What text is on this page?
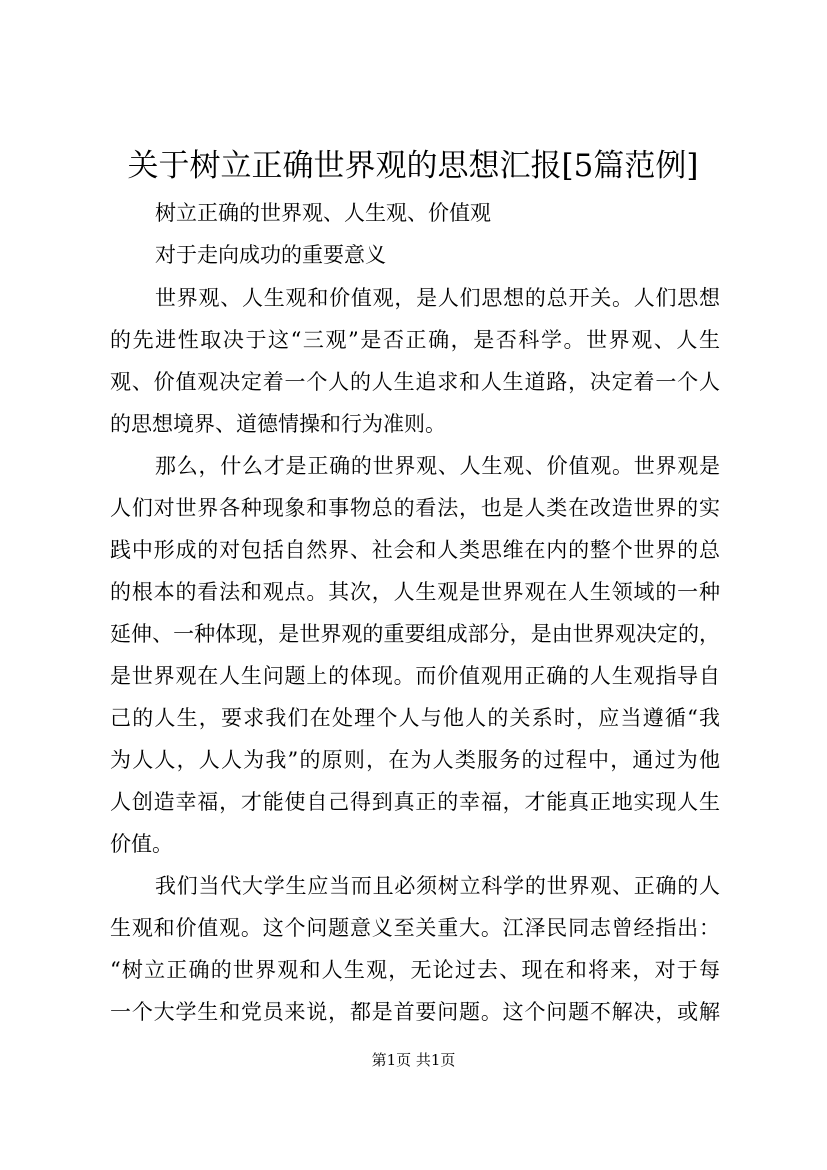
关于树立正确世界观的思想汇报[5篇范例]
树立正确的世界观、人生观、价值观
对于走向成功的重要意义
世界观、人生观和价值观，是人们思想的总开关。人们思想
的先进性取决于这“三观”是否正确，是否科学。世界观、人生
观、价值观决定着一个人的人生追求和人生道路，决定着一个人
的思想境界、道德情操和行为准则。
那么，什么才是正确的世界观、人生观、价值观。世界观是
人们对世界各种现象和事物总的看法，也是人类在改造世界的实
践中形成的对包括自然界、社会和人类思维在内的整个世界的总
的根本的看法和观点。其次，人生观是世界观在人生领域的一种
延伸、一种体现，是世界观的重要组成部分，是由世界观决定的，
是世界观在人生问题上的体现。而价值观用正确的人生观指导自
己的人生，要求我们在处理个人与他人的关系时，应当遵循“我
为人人，人人为我”的原则，在为人类服务的过程中，通过为他
人创造幸福，才能使自己得到真正的幸福，才能真正地实现人生
价值。
我们当代大学生应当而且必须树立科学的世界观、正确的人
生观和价值观。这个问题意义至关重大。江泽民同志曾经指出：
“树立正确的世界观和人生观，无论过去、现在和将来，对于每
一个大学生和党员来说，都是首要问题。这个问题不解决，或解
第1页 共1页
